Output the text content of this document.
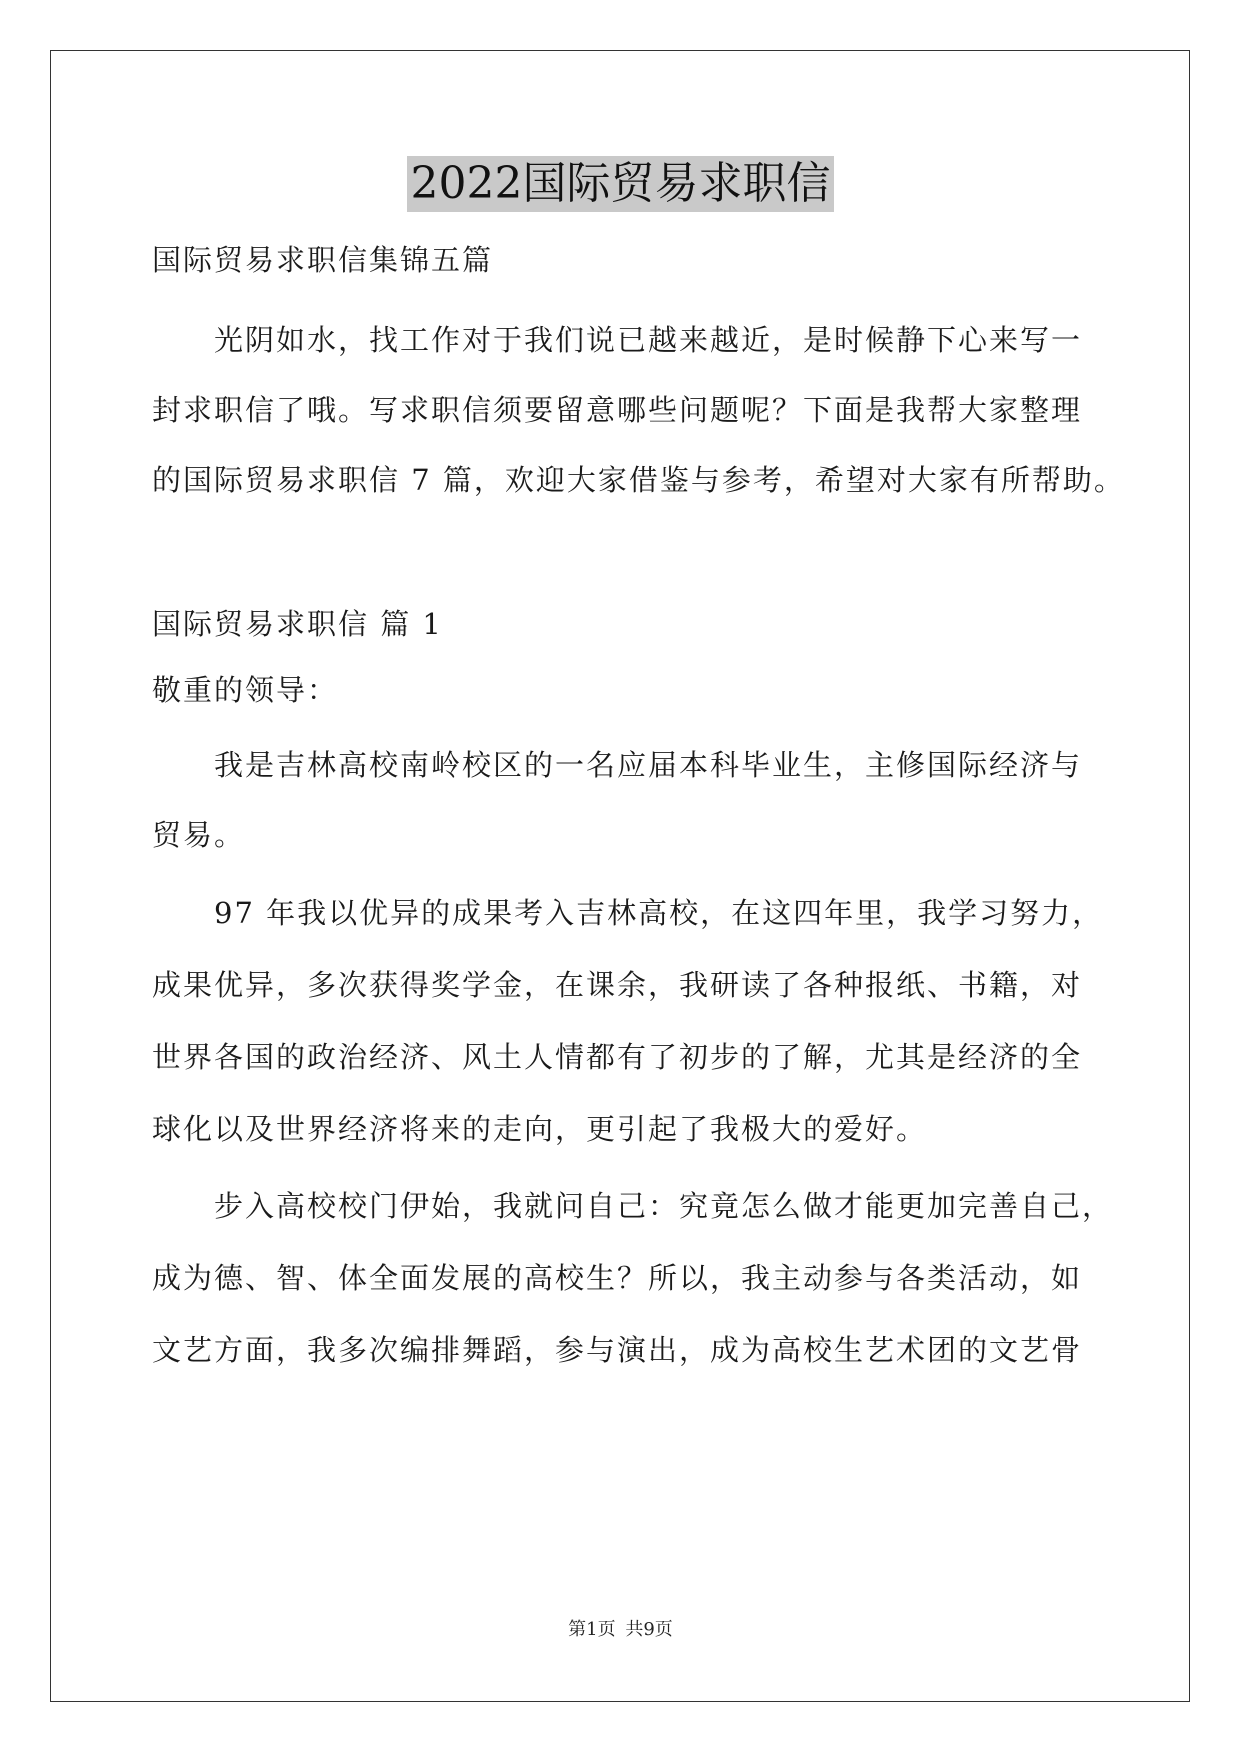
2022国际贸易求职信
国际贸易求职信集锦五篇
光阴如水，找工作对于我们说已越来越近，是时候静下心来写一
封求职信了哦。写求职信须要留意哪些问题呢？下面是我帮大家整理
的国际贸易求职信 7 篇，欢迎大家借鉴与参考，希望对大家有所帮助。
国际贸易求职信 篇 1
敬重的领导：
我是吉林高校南岭校区的一名应届本科毕业生，主修国际经济与
贸易。
97 年我以优异的成果考入吉林高校，在这四年里，我学习努力，
成果优异，多次获得奖学金，在课余，我研读了各种报纸、书籍，对
世界各国的政治经济、风土人情都有了初步的了解，尤其是经济的全
球化以及世界经济将来的走向，更引起了我极大的爱好。
步入高校校门伊始，我就问自己：究竟怎么做才能更加完善自己，
成为德、智、体全面发展的高校生？所以，我主动参与各类活动，如
文艺方面，我多次编排舞蹈，参与演出，成为高校生艺术团的文艺骨
第1页 共9页
